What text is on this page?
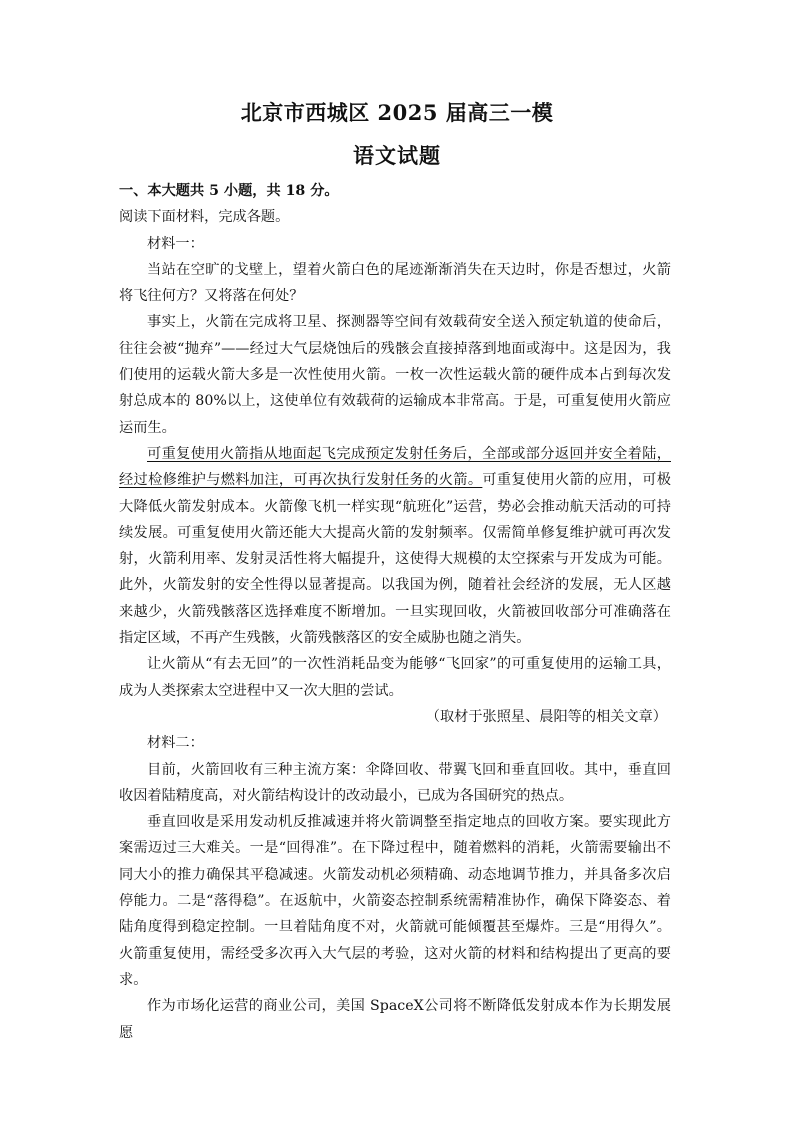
北京市西城区 2025 届高三一模
语文试题

一、本大题共 5 小题，共 18 分。

阅读下面材料，完成各题。

材料一：

当站在空旷的戈壁上，望着火箭白色的尾迹渐渐消失在天边时，你是否想过，火箭将飞往何方？又将落在何处？

事实上，火箭在完成将卫星、探测器等空间有效载荷安全送入预定轨道的使命后，往往会被“抛弃”——经过大气层烧蚀后的残骸会直接掉落到地面或海中。这是因为，我们使用的运载火箭大多是一次性使用火箭。一枚一次性运载火箭的硬件成本占到每次发射总成本的 80%以上，这使单位有效载荷的运输成本非常高。于是，可重复使用火箭应运而生。

可重复使用火箭指从地面起飞完成预定发射任务后，全部或部分返回并安全着陆，经过检修维护与燃料加注，可再次执行发射任务的火箭。可重复使用火箭的应用，可极大降低火箭发射成本。火箭像飞机一样实现“航班化”运营，势必会推动航天活动的可持续发展。可重复使用火箭还能大大提高火箭的发射频率。仅需简单修复维护就可再次发射，火箭利用率、发射灵活性将大幅提升，这使得大规模的太空探索与开发成为可能。此外，火箭发射的安全性得以显著提高。以我国为例，随着社会经济的发展，无人区越来越少，火箭残骸落区选择难度不断增加。一旦实现回收，火箭被回收部分可准确落在指定区域，不再产生残骸，火箭残骸落区的安全威胁也随之消失。

让火箭从“有去无回”的一次性消耗品变为能够“飞回家”的可重复使用的运输工具，成为人类探索太空进程中又一次大胆的尝试。

（取材于张照星、晨阳等的相关文章）

材料二：

目前，火箭回收有三种主流方案：伞降回收、带翼飞回和垂直回收。其中，垂直回收因着陆精度高，对火箭结构设计的改动最小，已成为各国研究的热点。

垂直回收是采用发动机反推减速并将火箭调整至指定地点的回收方案。要实现此方案需迈过三大难关。一是“回得准”。在下降过程中，随着燃料的消耗，火箭需要输出不同大小的推力确保其平稳减速。火箭发动机必须精确、动态地调节推力，并具备多次启停能力。二是“落得稳”。在返航中，火箭姿态控制系统需精准协作，确保下降姿态、着陆角度得到稳定控制。一旦着陆角度不对，火箭就可能倾覆甚至爆炸。三是“用得久”。火箭重复使用，需经受多次再入大气层的考验，这对火箭的材料和结构提出了更高的要求。

作为市场化运营的商业公司，美国 SpaceX公司将不断降低发射成本作为长期发展愿
